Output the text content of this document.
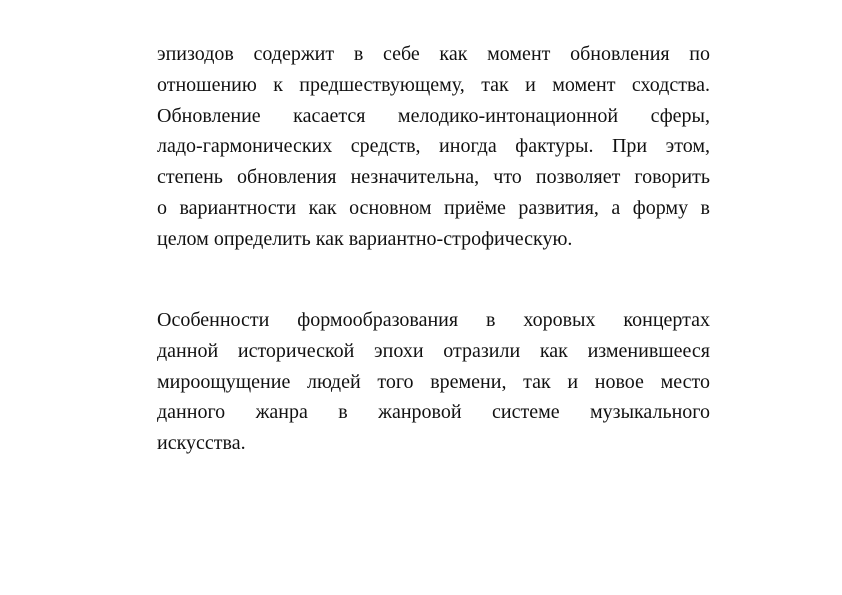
эпизодов содержит в себе как момент обновления по
отношению к предшествующему, так и момент сходства.
Обновление касается мелодико-интонационной сферы,
ладо-гармонических средств, иногда фактуры. При этом,
степень обновления незначительна, что позволяет говорить
о вариантности как основном приёме развития, а форму в
целом определить как вариантно-строфическую.
Особенности формообразования в хоровых концертах
данной исторической эпохи отразили как изменившееся
мироощущение людей того времени, так и новое место
данного жанра в жанровой системе музыкального
искусства.
